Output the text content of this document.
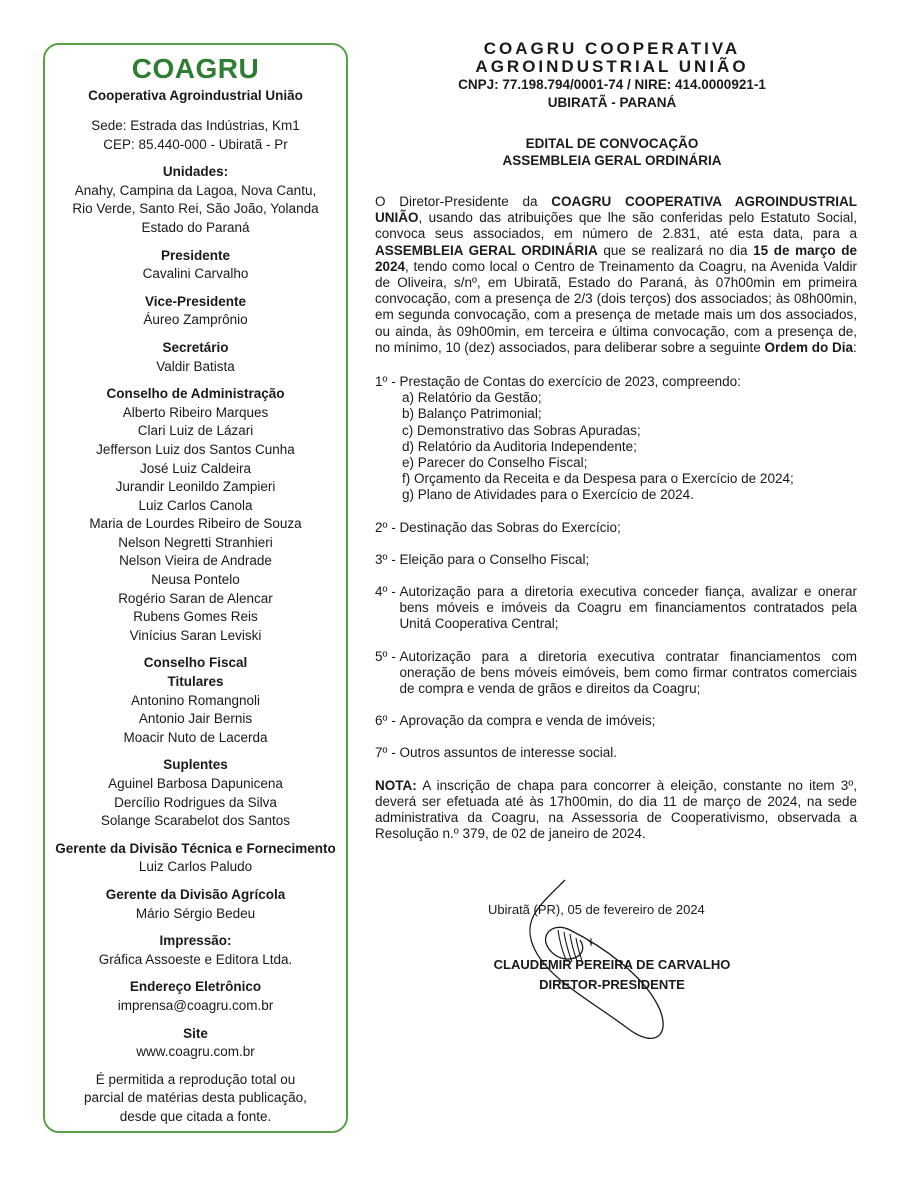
COAGRU
Cooperativa Agroindustrial União
Sede: Estrada das Indústrias, Km1
CEP: 85.440-000 - Ubiratã - Pr
Unidades:
Anahy, Campina da Lagoa, Nova Cantu,
Rio Verde, Santo Rei, São João, Yolanda
Estado do Paraná
Presidente
Cavalini Carvalho
Vice-Presidente
Áureo Zamprônio
Secretário
Valdir Batista
Conselho de Administração
Alberto Ribeiro Marques
Clari Luiz de Lázari
Jefferson Luiz dos Santos Cunha
José Luiz Caldeira
Jurandir Leonildo Zampieri
Luiz Carlos Canola
Maria de Lourdes Ribeiro de Souza
Nelson Negretti Stranhieri
Nelson Vieira de Andrade
Neusa Pontelo
Rogério Saran de Alencar
Rubens Gomes Reis
Vinícius Saran Leviski
Conselho Fiscal
Titulares
Antonino Romangnoli
Antonio Jair Bernis
Moacir Nuto de Lacerda
Suplentes
Aguinel Barbosa Dapunicena
Dercílio Rodrigues da Silva
Solange Scarabelot dos Santos
Gerente da Divisão Técnica e Fornecimento
Luiz Carlos Paludo
Gerente da Divisão Agrícola
Mário Sérgio Bedeu
Impressão:
Gráfica Assoeste e Editora Ltda.
Endereço Eletrônico
imprensa@coagru.com.br
Site
www.coagru.com.br
É permitida a reprodução total ou
parcial de matérias desta publicação,
desde que citada a fonte.
COAGRU COOPERATIVA
AGROINDUSTRIAL UNIÃO
CNPJ: 77.198.794/0001-74 / NIRE: 414.0000921-1
UBIRATÃ - PARANÁ
EDITAL DE CONVOCAÇÃO
ASSEMBLEIA GERAL ORDINÁRIA

O Diretor-Presidente da COAGRU COOPERATIVA AGROINDUSTRIAL UNIÃO, usando das atribuições que lhe são conferidas pelo Estatuto Social, convoca seus associados, em número de 2.831, até esta data, para a ASSEMBLEIA GERAL ORDINÁRIA que se realizará no dia 15 de março de 2024, tendo como local o Centro de Treinamento da Coagru, na Avenida Valdir de Oliveira, s/nº, em Ubiratã, Estado do Paraná, às 07h00min em primeira convocação, com a presença de 2/3 (dois terços) dos associados; às 08h00min, em segunda convocação, com a presença de metade mais um dos associados, ou ainda, às 09h00min, em terceira e última convocação, com a presença de, no mínimo, 10 (dez) associados, para deliberar sobre a seguinte Ordem do Dia:

1º - Prestação de Contas do exercício de 2023, compreendo:
a) Relatório da Gestão;
b) Balanço Patrimonial;
c) Demonstrativo das Sobras Apuradas;
d) Relatório da Auditoria Independente;
e) Parecer do Conselho Fiscal;
f) Orçamento da Receita e da Despesa para o Exercício de 2024;
g) Plano de Atividades para o Exercício de 2024.
2º - Destinação das Sobras do Exercício;
3º - Eleição para o Conselho Fiscal;
4º - Autorização para a diretoria executiva conceder fiança, avalizar e onerar bens móveis e imóveis da Coagru em financiamentos contratados pela Unitá Cooperativa Central;
5º - Autorização para a diretoria executiva contratar financiamentos com oneração de bens móveis eimóveis, bem como firmar contratos comerciais de compra e venda de grãos e direitos da Coagru;
6º - Aprovação da compra e venda de imóveis;
7º - Outros assuntos de interesse social.

NOTA: A inscrição de chapa para concorrer à eleição, constante no item 3º, deverá ser efetuada até às 17h00min, do dia 11 de março de 2024, na sede administrativa da Coagru, na Assessoria de Cooperativismo, observada a Resolução n.º 379, de 02 de janeiro de 2024.

Ubiratã (PR), 05 de fevereiro de 2024
CLAUDEMIR PEREIRA DE CARVALHO
DIRETOR-PRESIDENTE
